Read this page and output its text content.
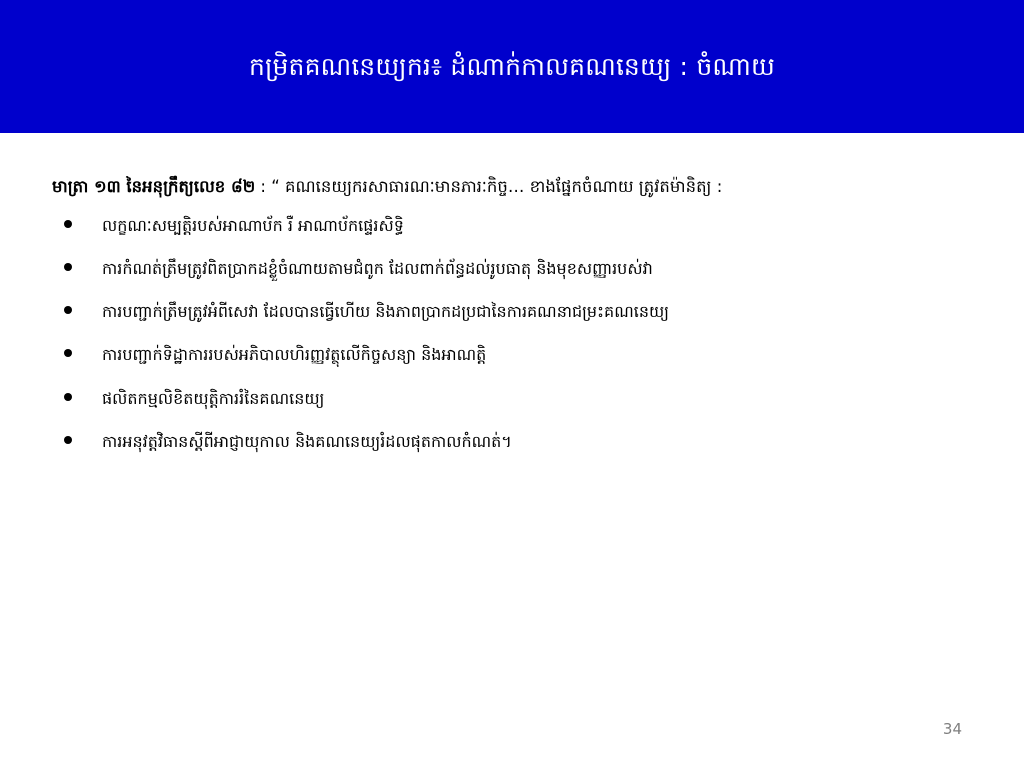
កម្រិតគណនេយ្យករ៖ ដំណាក់កាលគណនេយ្យ : ចំណាយ
មាត្រា ១៣ នៃអនុក្រឹត្យលេខ ៨២ : “ គណនេយ្យករសាធារណៈមានភារៈកិច្ច… ខាងផ្នែកចំណាយ ត្រូវតម៉ានិត្យ :
លក្ខណៈសម្បត្តិរបស់អាណាប័ក រឺ អាណាប័កផ្ទេរសិទ្ធិ
ការកំណត់ត្រឹមត្រូវពិតប្រាកដខ្លួំចំណាយតាមជំពូក ដែលពាក់ព័ន្ធដល់រូបធាតុ និងមុខសញ្ញារបស់វា
ការបញ្ជាក់ត្រឹមត្រូវអំពីសេវា ដែលបានធ្វើហើយ និងភាពប្រាកដប្រជានៃការគណនាជម្រះគណនេយ្យ
ការបញ្ជាក់ទិដ្ឋាការរបស់អភិបាលហិរញ្ញវត្ថុលើកិច្ចសន្យា និងអាណត្តិ
ផលិតកម្មលិខិតយុត្តិការរំនៃគណនេយ្យ
ការអនុវត្តវិធានស្ដីពីអាជ្ញាយុកាល និងគណនេយ្យរំដលផុតកាលកំណត់។
34
